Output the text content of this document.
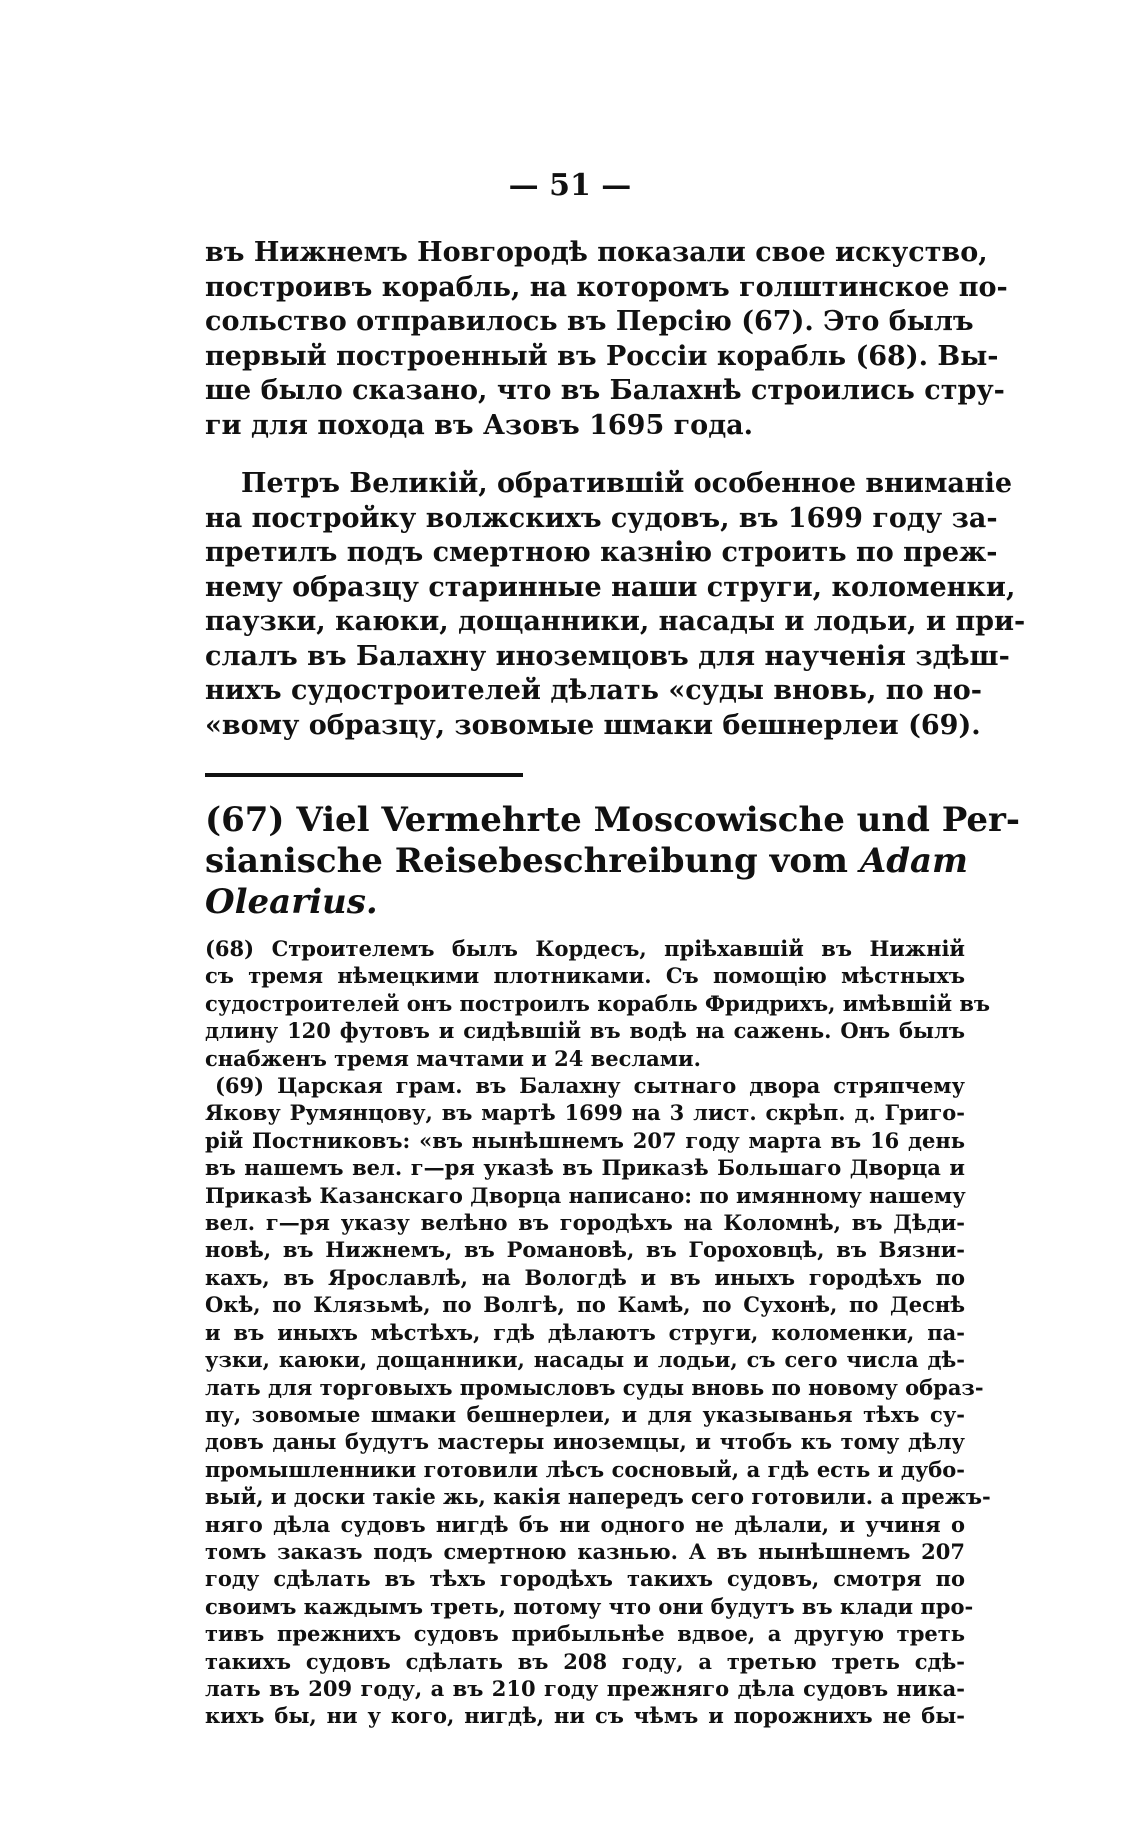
— 51 —
въ Нижнемъ Новгородѣ показали свое искуство,
построивъ корабль, на которомъ голштинское по-
сольство отправилось въ Персію (67). Это былъ
первый построенный въ Россіи корабль (68). Вы-
ше было сказано, что въ Балахнѣ строились стру-
ги для похода въ Азовъ 1695 года.
Петръ Великій, обратившій особенное вниманіе
на постройку волжскихъ судовъ, въ 1699 году за-
претилъ подъ смертною казнію строить по преж-
нему образцу старинные наши струги, коломенки,
паузки, каюки, дощанники, насады и лодьи, и при-
слалъ въ Балахну иноземцовъ для наученія здѣш-
нихъ судостроителей дѣлать «суды вновь, по но-
«вому образцу, зовомые шмаки бешнерлеи (69).
(67) Viel Vermehrte Moscowische und Per-
sianische Reisebeschreibung vom Adam
Olearius.
(68) Строителемъ былъ Кордесъ, пріѣхавшій въ Нижній
съ тремя нѣмецкими плотниками. Съ помощію мѣстныхъ
судостроителей онъ построилъ корабль Фридрихъ, имѣвшій въ
длину 120 футовъ и сидѣвшій въ водѣ на сажень. Онъ былъ
снабженъ тремя мачтами и 24 веслами.
(69) Царская грам. въ Балахну сытнаго двора стряпчему
Якову Румянцову, въ мартѣ 1699 на 3 лист. скрѣп. д. Григо-
рій Постниковъ: «въ нынѣшнемъ 207 году марта въ 16 день
въ нашемъ вел. г—ря указѣ въ Приказѣ Большаго Дворца и
Приказѣ Казанскаго Дворца написано: по имянному нашему
вел. г—ря указу велѣно въ городѣхъ на Коломнѣ, въ Дѣди-
новѣ, въ Нижнемъ, въ Романовѣ, въ Гороховцѣ, въ Вязни-
кахъ, въ Ярославлѣ, на Вологдѣ и въ иныхъ городѣхъ по
Окѣ, по Клязьмѣ, по Волгѣ, по Камѣ, по Сухонѣ, по Деснѣ
и въ иныхъ мѣстѣхъ, гдѣ дѣлаютъ струги, коломенки, па-
узки, каюки, дощанники, насады и лодьи, съ сего числа дѣ-
лать для торговыхъ промысловъ суды вновь по новому образ-
пу, зовомые шмаки бешнерлеи, и для указыванья тѣхъ су-
довъ даны будутъ мастеры иноземцы, и чтобъ къ тому дѣлу
промышленники готовили лѣсъ сосновый, а гдѣ есть и дубо-
вый, и доски такіе жь, какія напередъ сего готовили. а прежъ-
няго дѣла судовъ нигдѣ бъ ни одного не дѣлали, и учиня о
томъ заказъ подъ смертною казнью. А въ нынѣшнемъ 207
году сдѣлать въ тѣхъ городѣхъ такихъ судовъ, смотря по
своимъ каждымъ треть, потому что они будутъ въ клади про-
тивъ прежнихъ судовъ прибыльнѣе вдвое, а другую треть
такихъ судовъ сдѣлать въ 208 году, а третью треть сдѣ-
лать въ 209 году, а въ 210 году прежняго дѣла судовъ ника-
кихъ бы, ни у кого, нигдѣ, ни съ чѣмъ и порожнихъ не бы-
